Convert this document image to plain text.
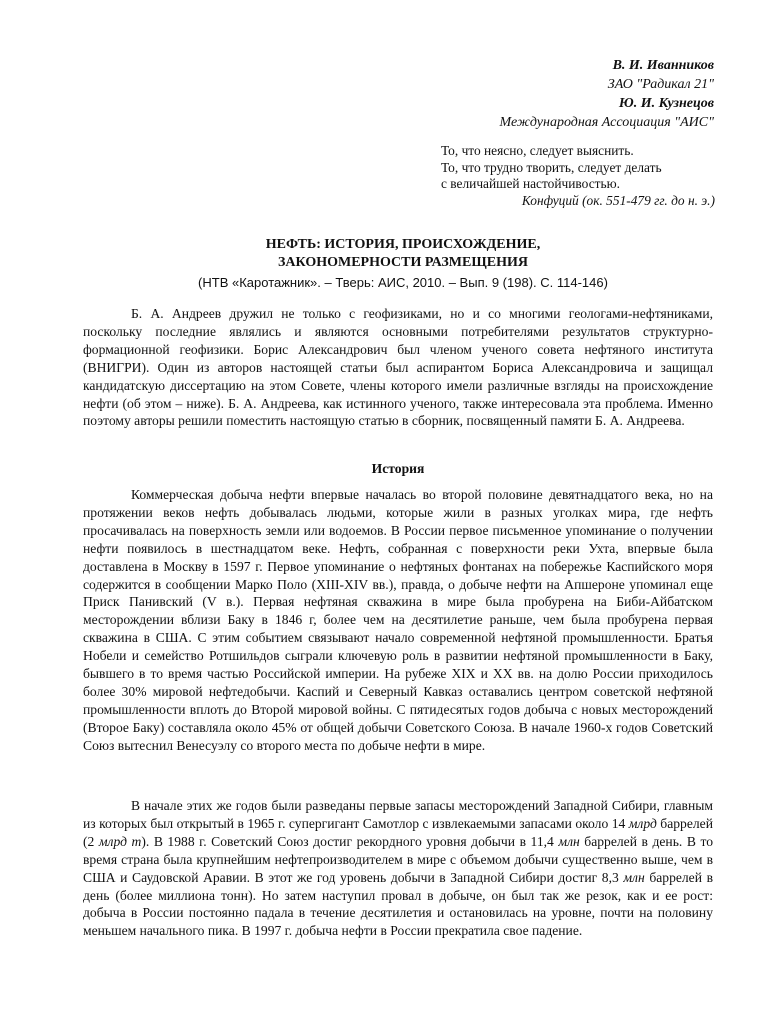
В. И. Иванников
ЗАО "Радикал 21"
Ю. И. Кузнецов
Международная Ассоциация "АИС"
То, что неясно, следует выяснить.
То, что трудно творить, следует делать
с величайшей настойчивостью.
Конфуций (ок. 551-479 гг. до н. э.)
НЕФТЬ: ИСТОРИЯ, ПРОИСХОЖДЕНИЕ,
ЗАКОНОМЕРНОСТИ РАЗМЕЩЕНИЯ
(НТВ «Каротажник». – Тверь: АИС, 2010. – Вып. 9 (198). С. 114-146)

Б. А. Андреев дружил не только с геофизиками, но и со многими геологами-нефтяниками, поскольку последние являлись и являются основными потребителями результатов структурно-формационной геофизики. Борис Александрович был членом ученого совета нефтяного института (ВНИГРИ). Один из авторов настоящей статьи был аспирантом Бориса Александровича и защищал кандидатскую диссертацию на этом Совете, члены которого имели различные взгляды на происхождение нефти (об этом – ниже). Б. А. Андреева, как истинного ученого, также интересовала эта проблема. Именно поэтому авторы решили поместить настоящую статью в сборник, посвященный памяти Б. А. Андреева.

История

Коммерческая добыча нефти впервые началась во второй половине девятнадцатого века, но на протяжении веков нефть добывалась людьми, которые жили в разных уголках мира, где нефть просачивалась на поверхность земли или водоемов. В России первое письменное упоминание о получении нефти появилось в шестнадцатом веке. Нефть, собранная с поверхности реки Ухта, впервые была доставлена в Москву в 1597 г. Первое упоминание о нефтяных фонтанах на побережье Каспийского моря содержится в сообщении Марко Поло (XIII-XIV вв.), правда, о добыче нефти на Апшероне упоминал еще Приск Панивский (V в.). Первая нефтяная скважина в мире была пробурена на Биби-Айбатском месторождении вблизи Баку в 1846 г, более чем на десятилетие раньше, чем была пробурена первая скважина в США. С этим событием связывают начало современной нефтяной промышленности. Братья Нобели и семейство Ротшильдов сыграли ключевую роль в развитии нефтяной промышленности в Баку, бывшего в то время частью Российской империи. На рубеже XIX и XX вв. на долю России приходилось более 30% мировой нефтедобычи. Каспий и Северный Кавказ оставались центром советской нефтяной промышленности вплоть до Второй мировой войны. С пятидесятых годов добыча с новых месторождений (Второе Баку) составляла около 45% от общей добычи Советского Союза. В начале 1960-х годов Советский Союз вытеснил Венесуэлу со второго места по добыче нефти в мире.

В начале этих же годов были разведаны первые запасы месторождений Западной Сибири, главным из которых был открытый в 1965 г. супергигант Самотлор с извлекаемыми запасами около 14 млрд баррелей (2 млрд т). В 1988 г. Советский Союз достиг рекордного уровня добычи в 11,4 млн баррелей в день. В то время страна была крупнейшим нефтепроизводителем в мире с объемом добычи существенно выше, чем в США и Саудовской Аравии. В этот же год уровень добычи в Западной Сибири достиг 8,3 млн баррелей в день (более миллиона тонн). Но затем наступил провал в добыче, он был так же резок, как и ее рост: добыча в России постоянно падала в течение десятилетия и остановилась на уровне, почти на половину меньшем начального пика. В 1997 г. добыча нефти в России прекратила свое падение.
